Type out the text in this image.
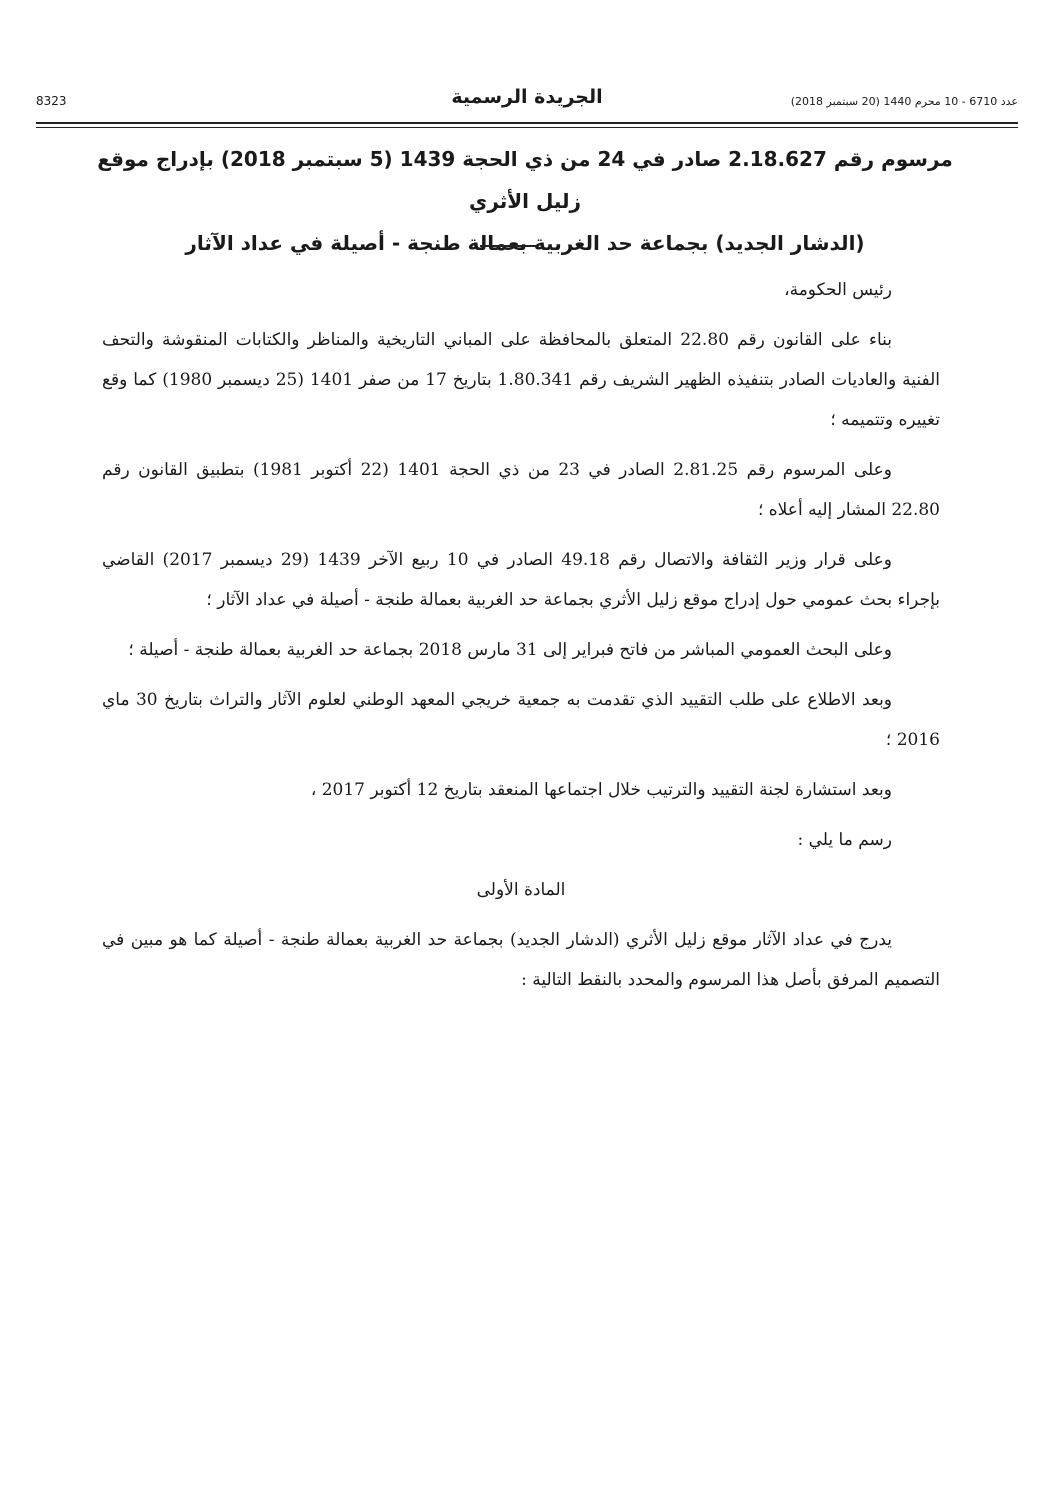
8323	الجريدة الرسمية	عدد 6710 - 10 محرم 1440 (20 سبتمبر 2018)
مرسوم رقم 2.18.627 صادر في 24 من ذي الحجة 1439 (5 سبتمبر 2018) بإدراج موقع زليل الأثري
(الدشار الجديد) بجماعة حد الغربية بعمالة طنجة - أصيلة في عداد الآثار

رئيس الحكومة،

بناء على القانون رقم 22.80 المتعلق بالمحافظة على المباني التاريخية والمناظر والكتابات المنقوشة والتحف الفنية والعاديات الصادر بتنفيذه الظهير الشريف رقم 1.80.341 بتاريخ 17 من صفر 1401 (25 ديسمبر 1980) كما وقع تغييره وتتميمه ؛

وعلى المرسوم رقم 2.81.25 الصادر في 23 من ذي الحجة 1401 (22 أكتوبر 1981) بتطبيق القانون رقم 22.80 المشار إليه أعلاه ؛

وعلى قرار وزير الثقافة والاتصال رقم 49.18 الصادر في 10 ربيع الآخر 1439 (29 ديسمبر 2017) القاضي بإجراء بحث عمومي حول إدراج موقع زليل الأثري بجماعة حد الغربية بعمالة طنجة - أصيلة في عداد الآثار ؛

وعلى البحث العمومي المباشر من فاتح فبراير إلى 31 مارس 2018 بجماعة حد الغربية بعمالة طنجة - أصيلة ؛

وبعد الاطلاع على طلب التقييد الذي تقدمت به جمعية خريجي المعهد الوطني لعلوم الآثار والتراث بتاريخ 30 ماي 2016 ؛

وبعد استشارة لجنة التقييد والترتيب خلال اجتماعها المنعقد بتاريخ 12 أكتوبر 2017 ،

رسم ما يلي :

المادة الأولى

يدرج في عداد الآثار موقع زليل الأثري (الدشار الجديد) بجماعة حد الغربية بعمالة طنجة - أصيلة كما هو مبين في التصميم المرفق بأصل هذا المرسوم والمحدد بالنقط التالية :
